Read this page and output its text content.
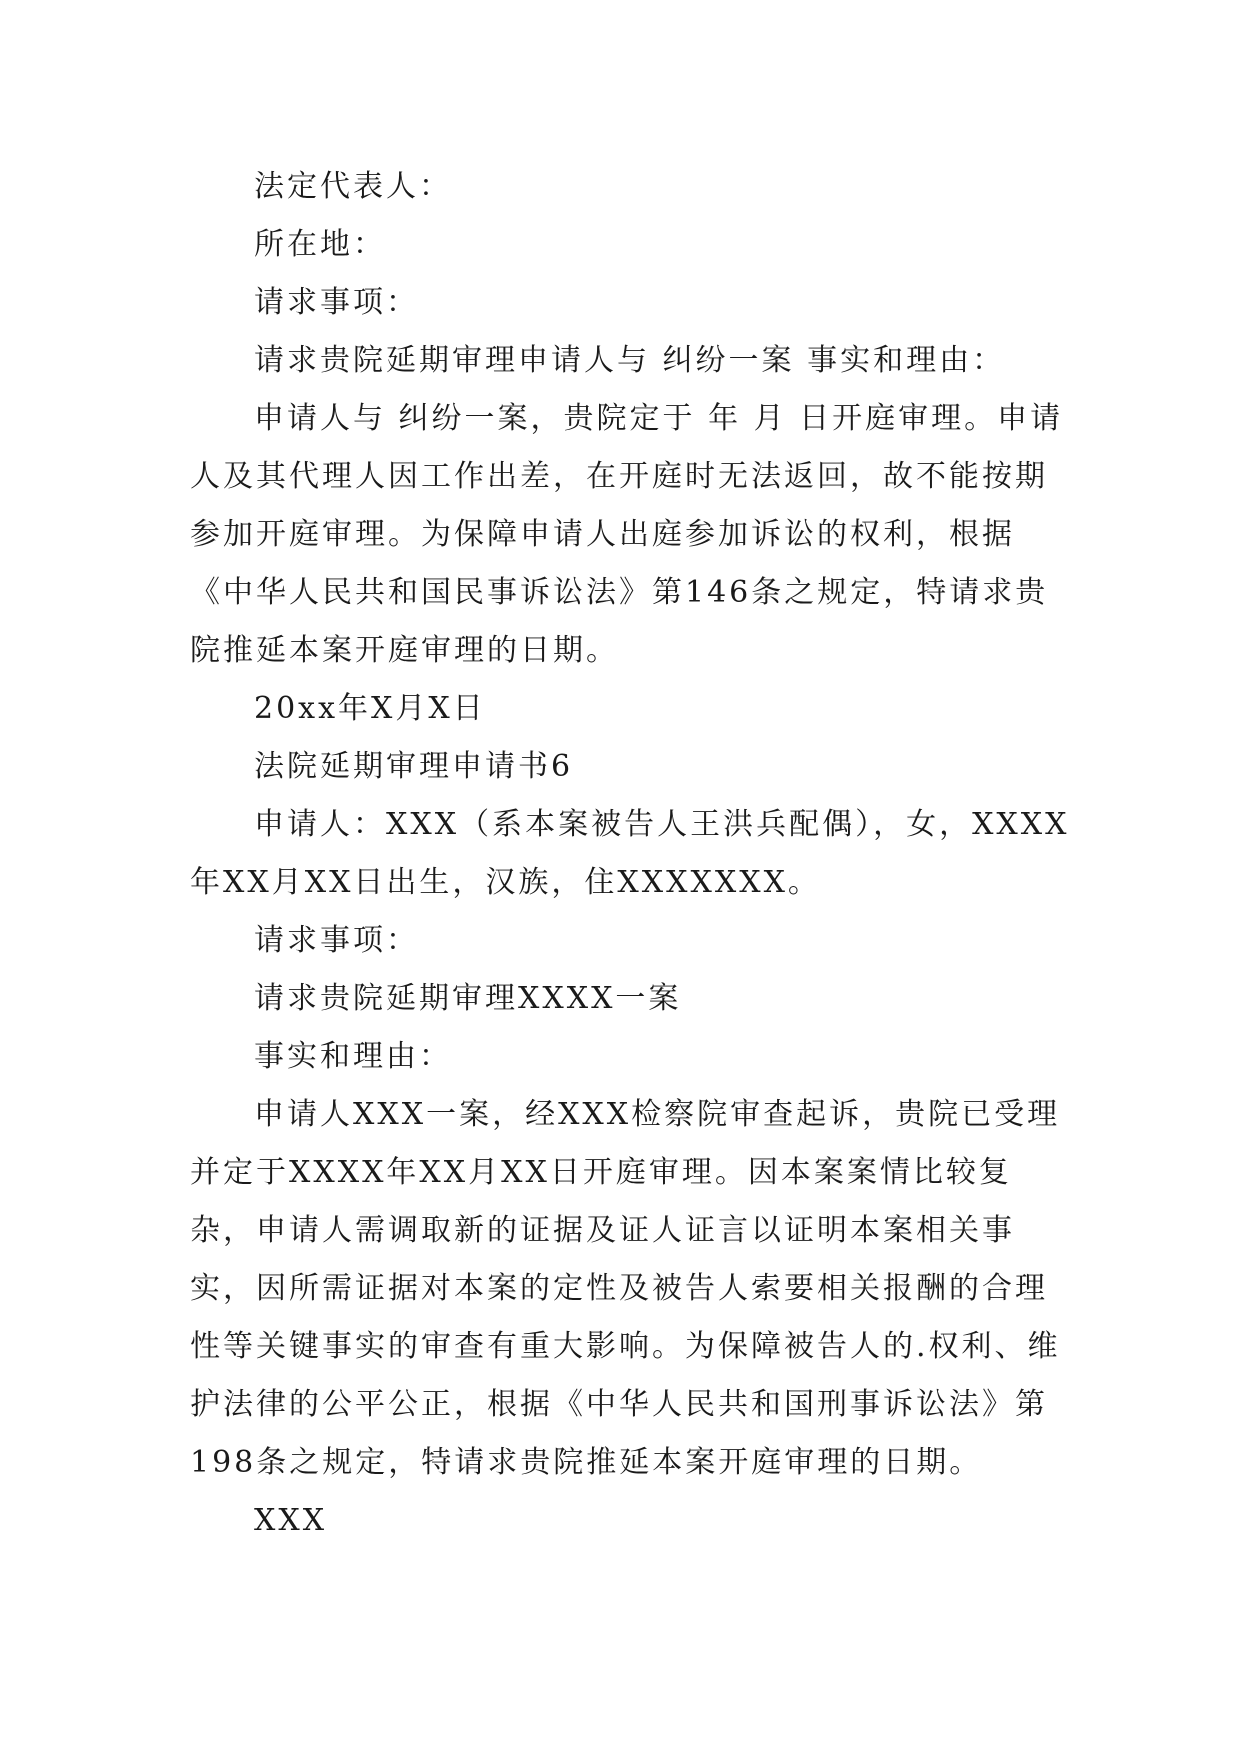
法定代表人：

所在地：

请求事项：

请求贵院延期审理申请人与 纠纷一案 事实和理由：

申请人与 纠纷一案，贵院定于 年 月 日开庭审理。申请人及其代理人因工作出差，在开庭时无法返回，故不能按期参加开庭审理。为保障申请人出庭参加诉讼的权利，根据《中华人民共和国民事诉讼法》第146条之规定，特请求贵院推延本案开庭审理的日期。

20xx年X月X日

法院延期审理申请书6

申请人：XXX（系本案被告人王洪兵配偶），女，XXXX年XX月XX日出生，汉族，住XXXXXXX。

请求事项：

请求贵院延期审理XXXX一案

事实和理由：

申请人XXX一案，经XXX检察院审查起诉，贵院已受理并定于XXXX年XX月XX日开庭审理。因本案案情比较复杂，申请人需调取新的证据及证人证言以证明本案相关事实，因所需证据对本案的定性及被告人索要相关报酬的合理性等关键事实的审查有重大影响。为保障被告人的.权利、维护法律的公平公正，根据《中华人民共和国刑事诉讼法》第198条之规定，特请求贵院推延本案开庭审理的日期。

XXX
